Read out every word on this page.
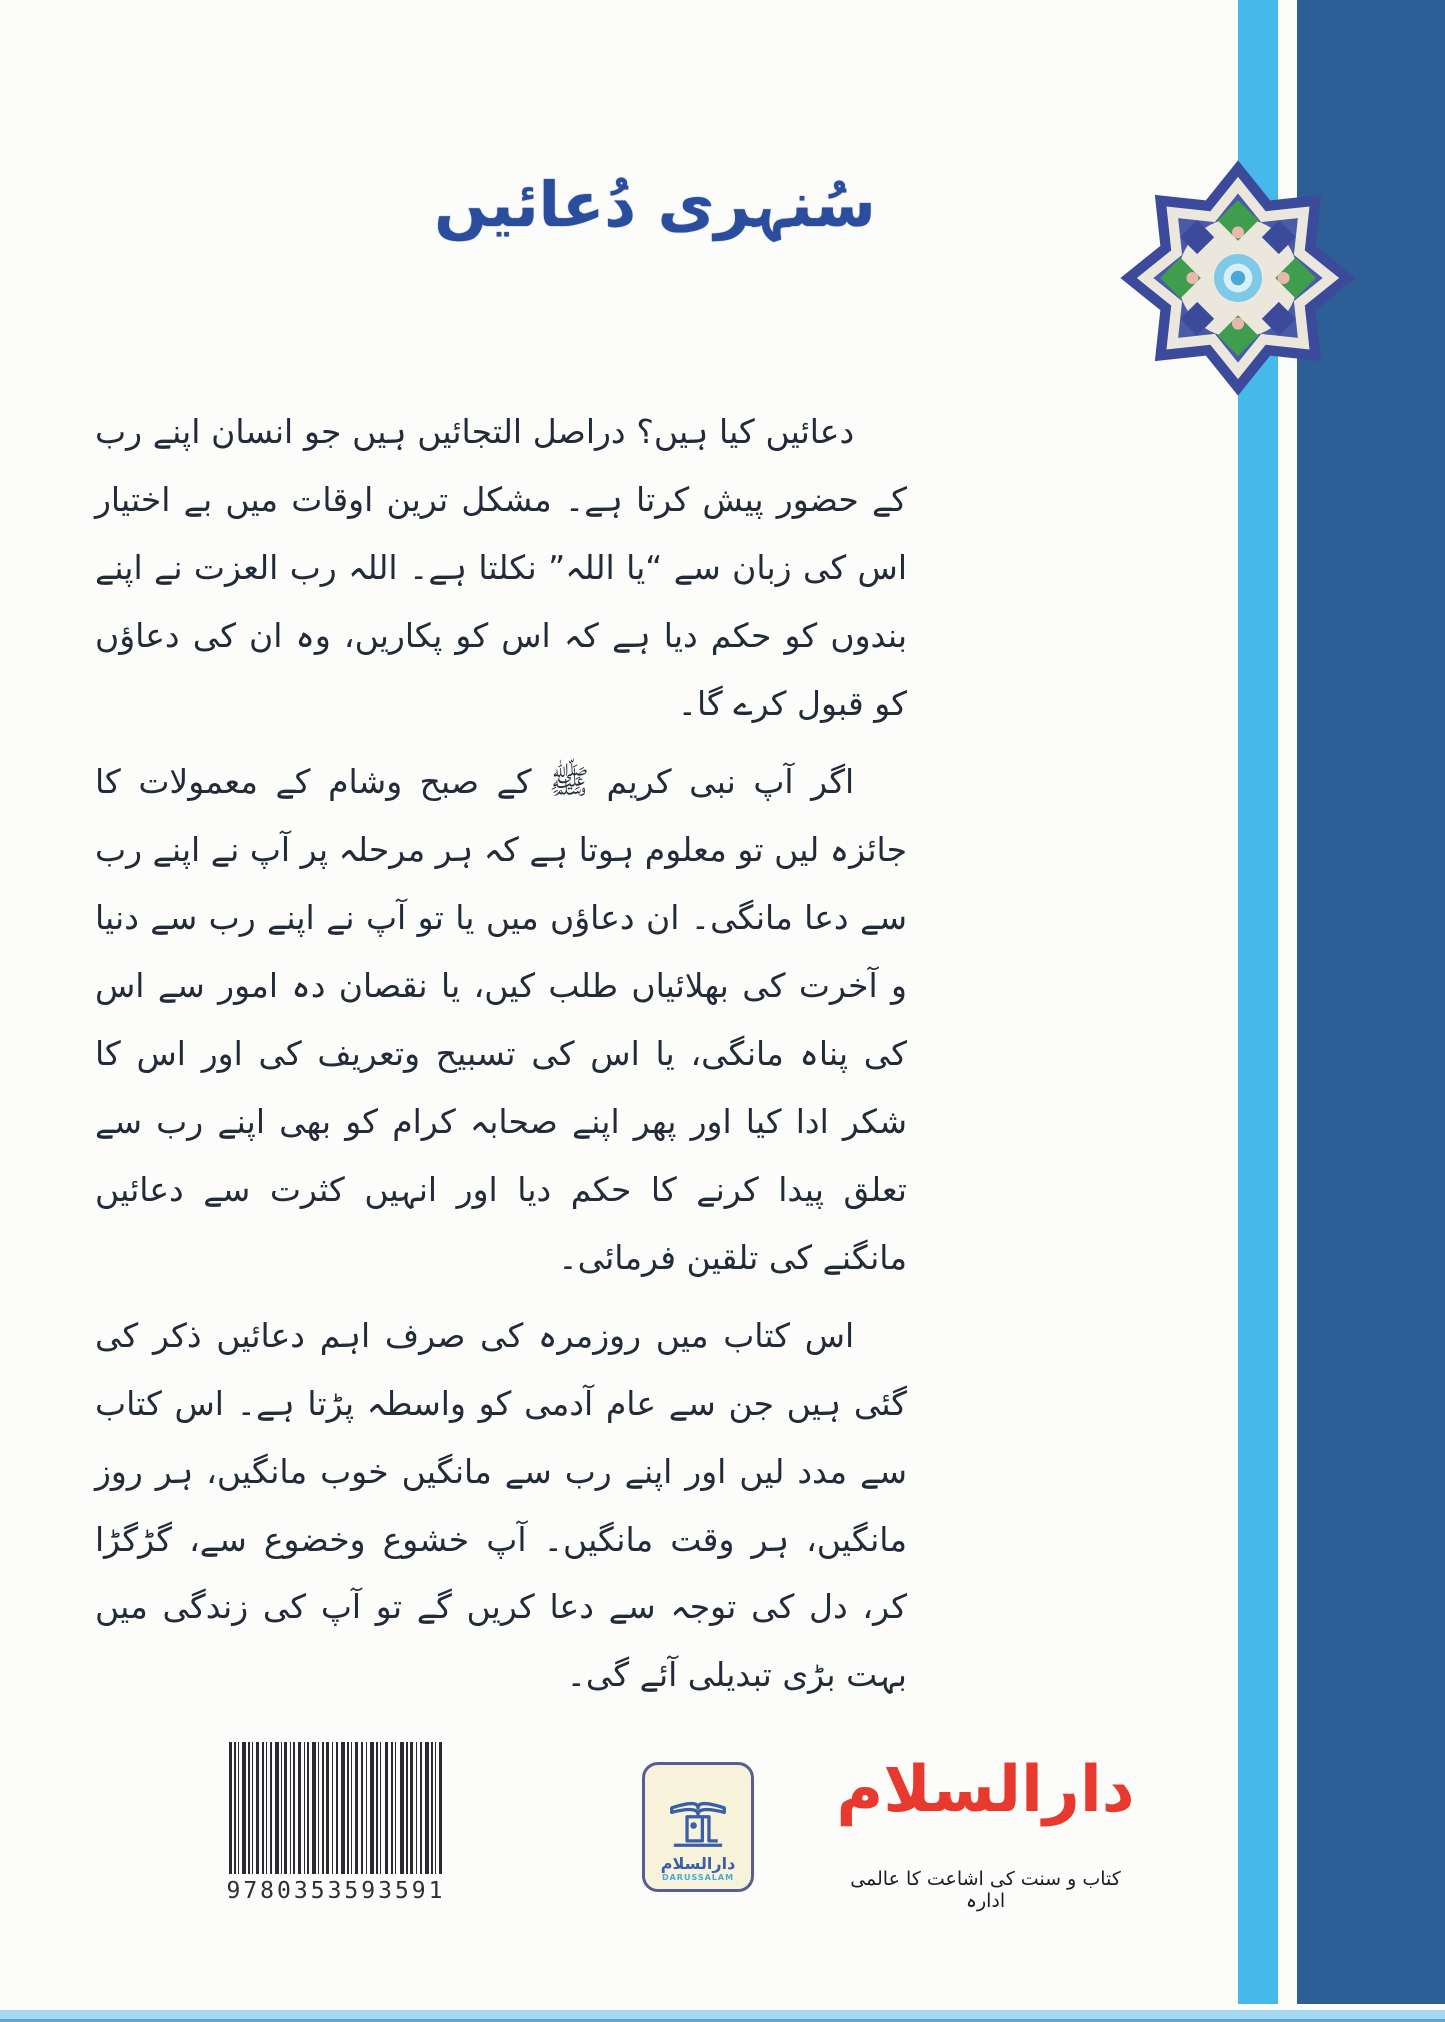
سُنہری دُعائیں

دعائیں کیا ہیں؟ دراصل التجائیں ہیں جو انسان اپنے رب کے حضور پیش کرتا ہے۔ مشکل ترین اوقات میں بے اختیار اس کی زبان سے “یا اللہ” نکلتا ہے۔ اللہ رب العزت نے اپنے بندوں کو حکم دیا ہے کہ اس کو پکاریں، وہ ان کی دعاؤں کو قبول کرے گا۔

اگر آپ نبی کریم ﷺ کے صبح وشام کے معمولات کا جائزہ لیں تو معلوم ہوتا ہے کہ ہر مرحلہ پر آپ نے اپنے رب سے دعا مانگی۔ ان دعاؤں میں یا تو آپ نے اپنے رب سے دنیا و آخرت کی بھلائیاں طلب کیں، یا نقصان دہ امور سے اس کی پناہ مانگی، یا اس کی تسبیح وتعریف کی اور اس کا شکر ادا کیا اور پھر اپنے صحابہ کرام کو بھی اپنے رب سے تعلق پیدا کرنے کا حکم دیا اور انہیں کثرت سے دعائیں مانگنے کی تلقین فرمائی۔

اس کتاب میں روزمرہ کی صرف اہم دعائیں ذکر کی گئی ہیں جن سے عام آدمی کو واسطہ پڑتا ہے۔ اس کتاب سے مدد لیں اور اپنے رب سے مانگیں خوب مانگیں، ہر روز مانگیں، ہر وقت مانگیں۔ آپ خشوع وخضوع سے، گڑگڑا کر، دل کی توجہ سے دعا کریں گے تو آپ کی زندگی میں بہت بڑی تبدیلی آئے گی۔

9780353593591
دارالسلام
DARUSSALAM
دارالسلام
کتاب و سنت کی اشاعت کا عالمی ادارہ
